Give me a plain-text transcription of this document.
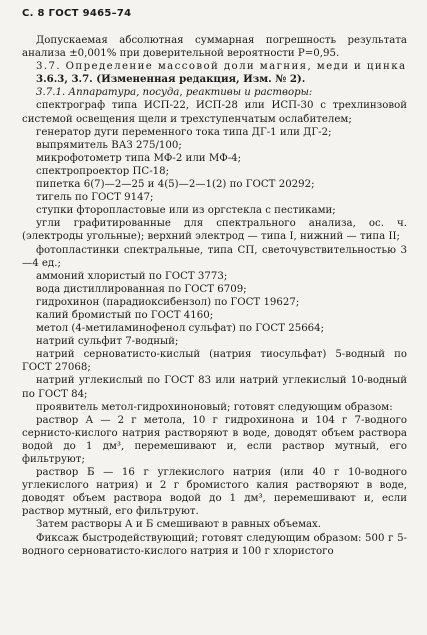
С. 8 ГОСТ 9465–74

Допускаемая абсолютная суммарная погрешность результата анализа ±0,001% при доверительной вероятности P=0,95.

3.7. Определение массовой доли магния, меди и цинка

3.6.3, 3.7. (Измененная редакция, Изм. № 2).

3.7.1. Аппаратура, посуда, реактивы и растворы:

спектрограф типа ИСП-22, ИСП-28 или ИСП-30 с трехлинзовой системой освещения щели и трехступенчатым ослабителем;

генератор дуги переменного тока типа ДГ-1 или ДГ-2;

выпрямитель ВАЗ 275/100;

микрофотометр типа МФ-2 или МФ-4;

спектропроектор ПС-18;

пипетка 6(7)—2—25 и 4(5)—2—1(2) по ГОСТ 20292;

тигель по ГОСТ 9147;

ступки фторопластовые или из оргстекла с пестиками;

угли графитированные для спектрального анализа, ос. ч. (электроды угольные); верхний электрод — типа I, нижний — типа II;

фотопластинки спектральные, типа СП, светочувствительностью 3—4 ед.;

аммоний хлористый по ГОСТ 3773;

вода дистиллированная по ГОСТ 6709;

гидрохинон (парадиоксибензол) по ГОСТ 19627;

калий бромистый по ГОСТ 4160;

метол (4-метиламинофенол сульфат) по ГОСТ 25664;

натрий сульфит 7-водный;

натрий серноватисто-кислый (натрия тиосульфат) 5-водный по ГОСТ 27068;

натрий углекислый по ГОСТ 83 или натрий углекислый 10-водный по ГОСТ 84;

проявитель метол-гидрохиноновый; готовят следующим образом:

раствор А — 2 г метола, 10 г гидрохинона и 104 г 7-водного сернисто-кислого натрия растворяют в воде, доводят объем раствора водой до 1 дм³, перемешивают и, если раствор мутный, его фильтруют;

раствор Б — 16 г углекислого натрия (или 40 г 10-водного углекислого натрия) и 2 г бромистого калия растворяют в воде, доводят объем раствора водой до 1 дм³, перемешивают и, если раствор мутный, его фильтруют.

Затем растворы А и Б смешивают в равных объемах.

Фиксаж быстродействующий; готовят следующим образом: 500 г 5-водного серноватисто-кислого натрия и 100 г хлористого
